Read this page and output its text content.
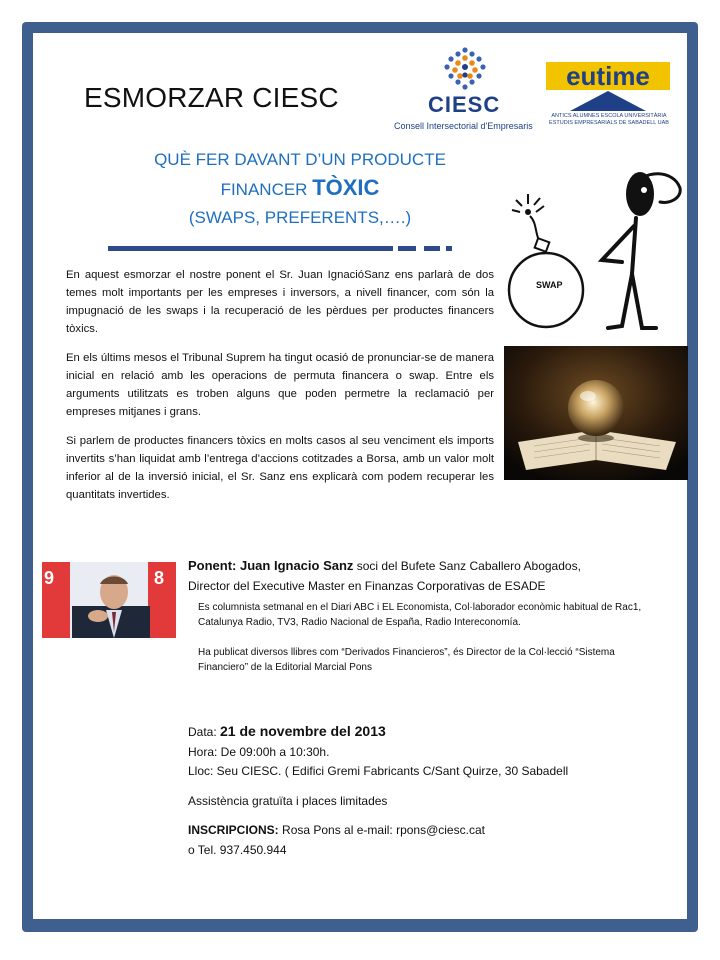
ESMORZAR CIESC	CIESC
Consell Intersectorial d'Empresaris
eutime
ANTICS ALUMNES ESCOLA UNIVERSITÀRIA ESTUDIS EMPRESARIALS DE SABADELL UAB
QUÈ FER DAVANT D’UN PRODUCTE
FINANCER TÒXIC
(SWAPS, PREFERENTS,….)

En aquest esmorzar el nostre ponent el Sr. Juan IgnacióSanz ens parlarà de dos temes molt importants per les empreses i inversors, a nivell financer, com són la impugnació de les swaps i la recuperació de les pèrdues per productes financers tòxics.

En els últims mesos el Tribunal Suprem ha tingut ocasió de pronunciar-se de manera inicial en relació amb les operacions de permuta financera o swap. Entre els arguments utilitzats es troben alguns que poden permetre la reclamació per empreses mitjanes i grans.

Si parlem de productes financers tòxics en molts casos al seu venciment els imports invertits s’han liquidat amb l’entrega d’accions cotitzades a Borsa, amb un valor molt inferior al de la inversió inicial, el Sr. Sanz ens explicarà com podem recuperar les quantitats invertides.

SWAP
9	8
Ponent: Juan Ignacio Sanz soci del Bufete Sanz Caballero Abogados,
Director del Executive Master en Finanzas Corporativas de ESADE

Es columnista setmanal en el Diari ABC i EL Economista, Col·laborador econòmic habitual de Rac1, Catalunya Radio, TV3, Radio Nacional de España, Radio Intereconomía.

Ha publicat diversos llibres com “Derivados Financieros”, és Director de la Col·lecció “Sistema Financiero” de la Editorial Marcial Pons

Data: 21 de novembre del 2013
Hora: De 09:00h a 10:30h.
Lloc: Seu CIESC. ( Edifici Gremi Fabricants C/Sant Quirze, 30 Sabadell
Assistència gratuïta i places limitades
INSCRIPCIONS: Rosa Pons al e-mail: rpons@ciesc.cat
o Tel. 937.450.944
